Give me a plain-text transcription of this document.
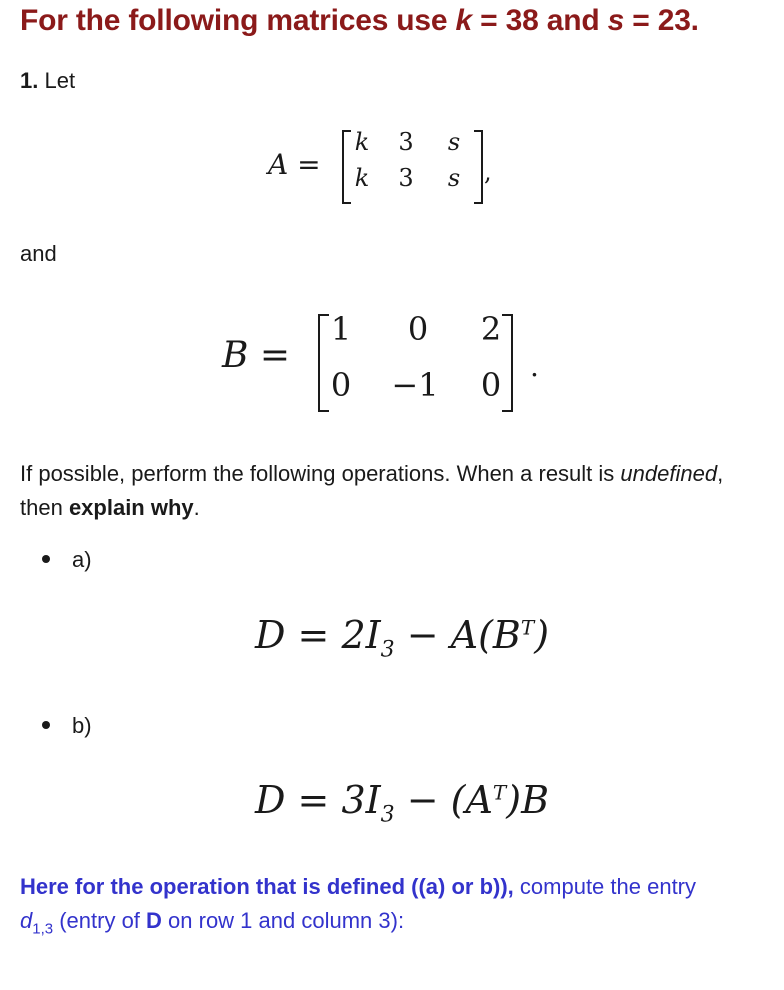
For the following matrices use k = 38 and s = 23.
1. Let
A =
k 3	s
k 3	s ,
and
B =
1	0	2
0	−1	0 .
If possible, perform the following operations. When a result is undefined, then explain why.
a)
$D = 2I_3 - A(B^T)$
b)
$D = 3I_3 - (A^T)B$
Here for the operation that is defined ((a) or b)), compute the entry
$d_{1,3}$ (entry of D on row 1 and column 3):
